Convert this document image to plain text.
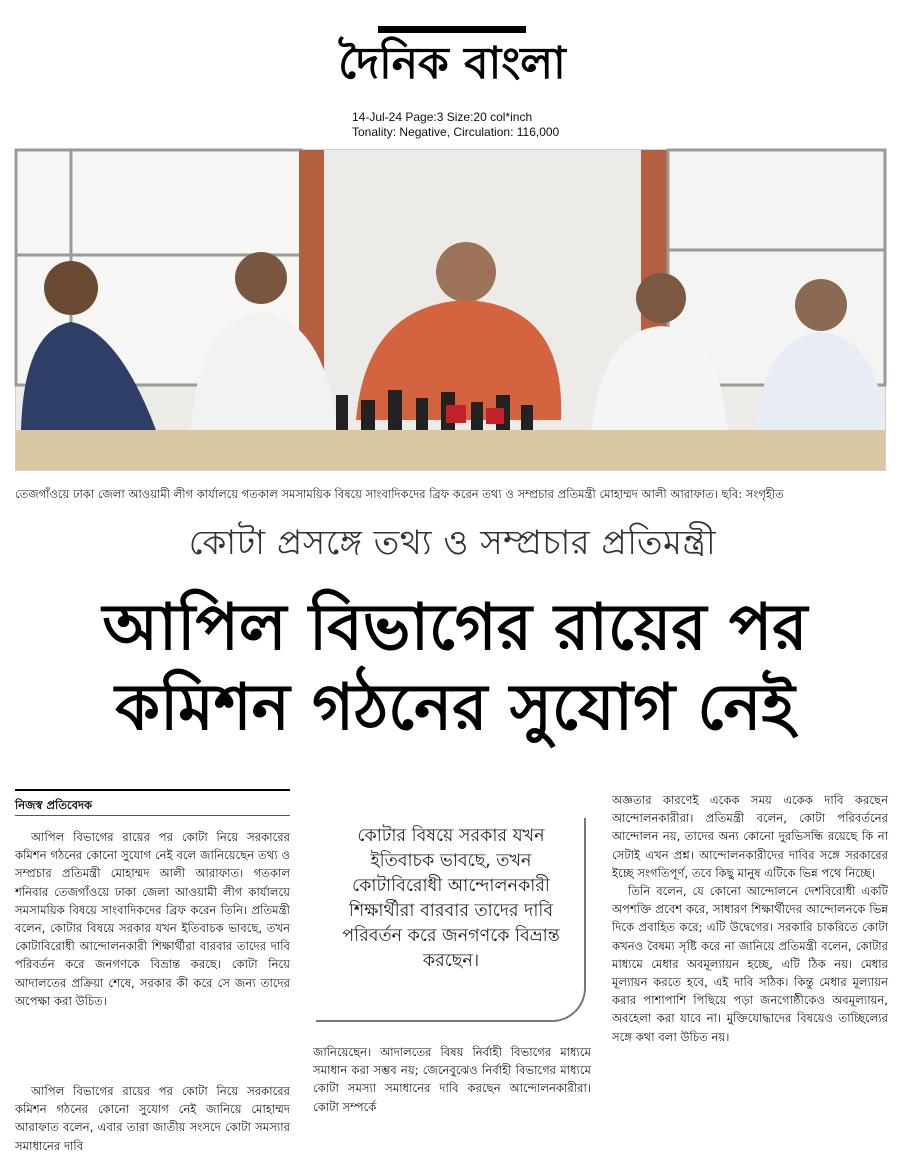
দৈনিক বাংলা
14-Jul-24 Page:3 Size:20 col*inch
Tonality: Negative, Circulation: 116,000
তেজগাঁওয়ে ঢাকা জেলা আওয়ামী লীগ কার্যালয়ে গতকাল সমসাময়িক বিষয়ে সাংবাদিকদের ব্রিফ করেন তথ্য ও সম্প্রচার প্রতিমন্ত্রী মোহাম্মদ আলী আরাফাত। ছবি: সংগৃহীত
কোটা প্রসঙ্গে তথ্য ও সম্প্রচার প্রতিমন্ত্রী
আপিল বিভাগের রায়ের পর
কমিশন গঠনের সুযোগ নেই
নিজস্ব প্রতিবেদক

আপিল বিভাগের রায়ের পর কোটা নিয়ে সরকারের কমিশন গঠনের কোনো সুযোগ নেই বলে জানিয়েছেন তথ্য ও সম্প্রচার প্রতিমন্ত্রী মোহাম্মদ আলী আরাফাত। গতকাল শনিবার তেজগাঁওয়ে ঢাকা জেলা আওয়ামী লীগ কার্যালয়ে সমসাময়িক বিষয়ে সাংবাদিকদের ব্রিফ করেন তিনি। প্রতিমন্ত্রী বলেন, কোটার বিষয়ে সরকার যখন ইতিবাচক ভাবছে, তখন কোটাবিরোধী আন্দোলনকারী শিক্ষার্থীরা বারবার তাদের দাবি পরিবর্তন করে জনগণকে বিভ্রান্ত করছে। কোটা নিয়ে আদালতের প্রক্রিয়া শেষে, সরকার কী করে সে জন্য তাদের অপেক্ষা করা উচিত।

আপিল বিভাগের রায়ের পর কোটা নিয়ে সরকারের কমিশন গঠনের কোনো সুযোগ নেই জানিয়ে মোহাম্মদ আরাফাত বলেন, এবার তারা জাতীয় সংসদে কোটা সমস্যার সমাধানের দাবি

কোটার বিষয়ে সরকার যখন ইতিবাচক ভাবছে, তখন কোটাবিরোধী আন্দোলনকারী শিক্ষার্থীরা বারবার তাদের দাবি পরিবর্তন করে জনগণকে বিভ্রান্ত করছেন।

জানিয়েছেন। আদালতের বিষয় নির্বাহী বিভাগের মাধ্যমে সমাধান করা সম্ভব নয়; জেনেবুঝেও নির্বাহী বিভাগের মাধ্যমে কোটা সমস্যা সমাধানের দাবি করছেন আন্দোলনকারীরা। কোটা সম্পর্কে

অজ্ঞতার কারণেই একেক সময় একেক দাবি করছেন আন্দোলনকারীরা। প্রতিমন্ত্রী বলেন, কোটা পরিবর্তনের আন্দোলন নয়, তাদের অন্য কোনো দুরভিসন্ধি রয়েছে কি না সেটাই এখন প্রশ্ন। আন্দোলনকারীদের দাবির সঙ্গে সরকারের ইচ্ছে সংগতিপূর্ণ, তবে কিছু মানুষ এটিকে ভিন্ন পথে নিচ্ছে।

তিনি বলেন, যে কোনো আন্দোলনে দেশবিরোধী একটি অপশক্তি প্রবেশ করে, সাধারণ শিক্ষার্থীদের আন্দোলনকে ভিন্ন দিকে প্রবাহিত করে; এটি উদ্বেগের। সরকারি চাকরিতে কোটা কখনও বৈষম্য সৃষ্টি করে না জানিয়ে প্রতিমন্ত্রী বলেন, কোটার মাধ্যমে মেধার অবমূল্যায়ন হচ্ছে, এটি ঠিক নয়। মেধার মূল্যায়ন করতে হবে, এই দাবি সঠিক। কিন্তু মেধার মূল্যায়ন করার পাশাপাশি পিছিয়ে পড়া জনগোষ্ঠীকেও অবমূল্যায়ন, অবহেলা করা যাবে না। মুক্তিযোদ্ধাদের বিষয়েও তাচ্ছিল্যের সঙ্গে কথা বলা উচিত নয়।
